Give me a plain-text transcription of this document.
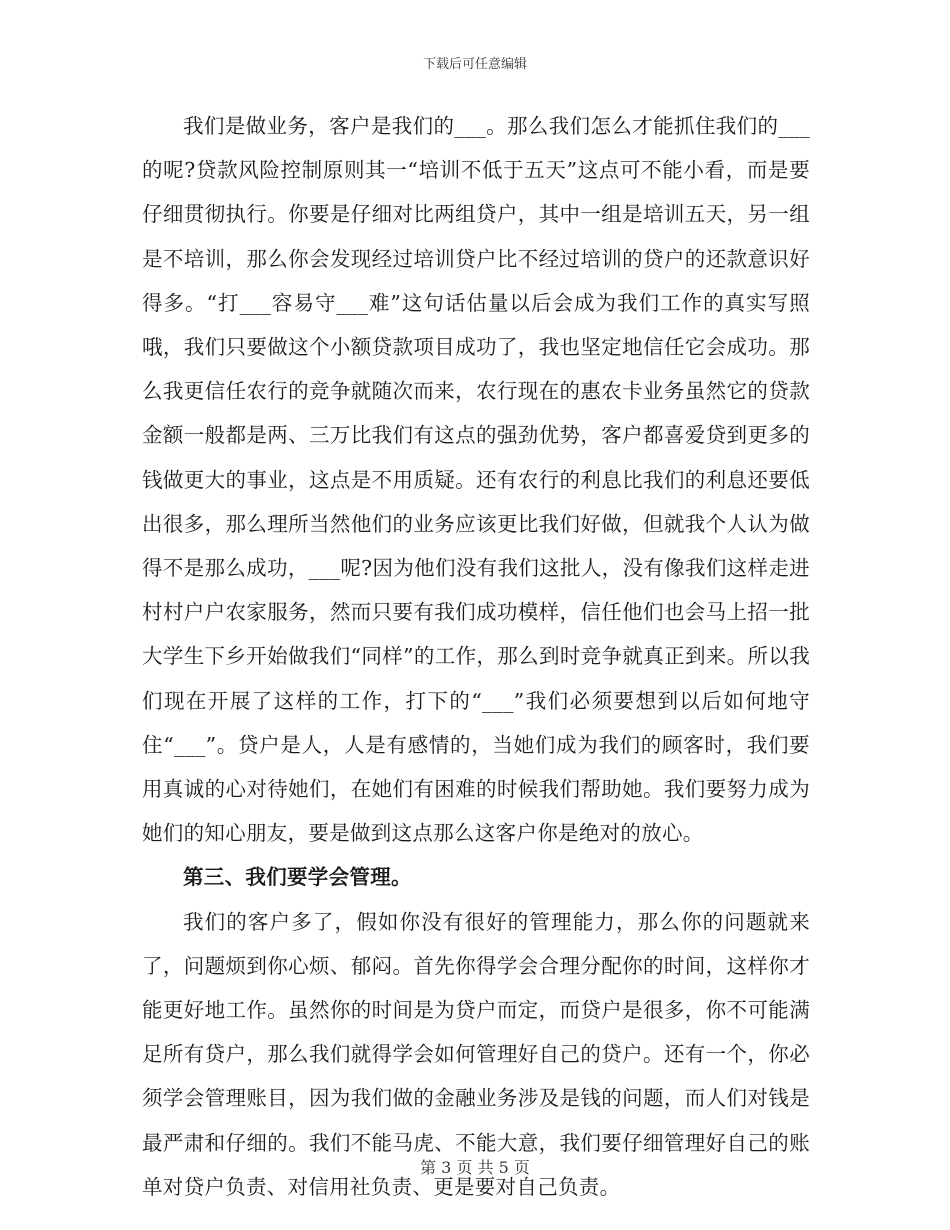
下载后可任意编辑

我们是做业务，客户是我们的___。那么我们怎么才能抓住我们的___的呢?贷款风险控制原则其一“培训不低于五天”这点可不能小看，而是要仔细贯彻执行。你要是仔细对比两组贷户，其中一组是培训五天，另一组是不培训，那么你会发现经过培训贷户比不经过培训的贷户的还款意识好得多。“打___容易守___难”这句话估量以后会成为我们工作的真实写照哦，我们只要做这个小额贷款项目成功了，我也坚定地信任它会成功。那么我更信任农行的竞争就随次而来，农行现在的惠农卡业务虽然它的贷款金额一般都是两、三万比我们有这点的强劲优势，客户都喜爱贷到更多的钱做更大的事业，这点是不用质疑。还有农行的利息比我们的利息还要低出很多，那么理所当然他们的业务应该更比我们好做，但就我个人认为做得不是那么成功，___呢?因为他们没有我们这批人，没有像我们这样走进村村户户农家服务，然而只要有我们成功模样，信任他们也会马上招一批大学生下乡开始做我们“同样”的工作，那么到时竞争就真正到来。所以我们现在开展了这样的工作，打下的“___”我们必须要想到以后如何地守住“___”。贷户是人，人是有感情的，当她们成为我们的顾客时，我们要用真诚的心对待她们，在她们有困难的时候我们帮助她。我们要努力成为她们的知心朋友，要是做到这点那么这客户你是绝对的放心。

第三、我们要学会管理。

我们的客户多了，假如你没有很好的管理能力，那么你的问题就来了，问题烦到你心烦、郁闷。首先你得学会合理分配你的时间，这样你才能更好地工作。虽然你的时间是为贷户而定，而贷户是很多，你不可能满足所有贷户，那么我们就得学会如何管理好自己的贷户。还有一个，你必须学会管理账目，因为我们做的金融业务涉及是钱的问题，而人们对钱是最严肃和仔细的。我们不能马虎、不能大意，我们要仔细管理好自己的账单对贷户负责、对信用社负责、更是要对自己负责。

第 3 页 共 5 页
